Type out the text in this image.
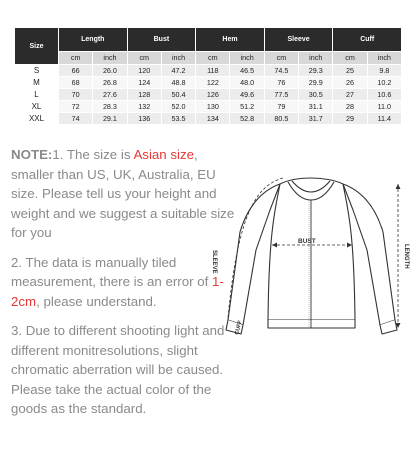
Size	Length		Bust		Hem		Sleeve		Cuff	
	cm	inch	cm	inch	cm	inch	cm	inch	cm	inch
S	66	26.0	120	47.2	118	46.5	74.5	29.3	25	9.8
M	68	26.8	124	48.8	122	48.0	76	29.9	26	10.2
L	70	27.6	128	50.4	126	49.6	77.5	30.5	27	10.6
XL	72	28.3	132	52.0	130	51.2	79	31.1	28	11.0
XXL	74	29.1	136	53.5	134	52.8	80.5	31.7	29	11.4

NOTE:1. The size is Asian size, smaller than US, UK, Australia, EU size. Please tell us your height and weight and we suggest a suitable size for you

2. The data is manually tiled measurement, there is an error of 1-2cm, please understand.

3. Due to different shooting light and different monitresolutions, slight chromatic aberration will be caused. Please take the actual color of the goods as the standard.

BUST
SLEEVE	LENGTH
CUFF
